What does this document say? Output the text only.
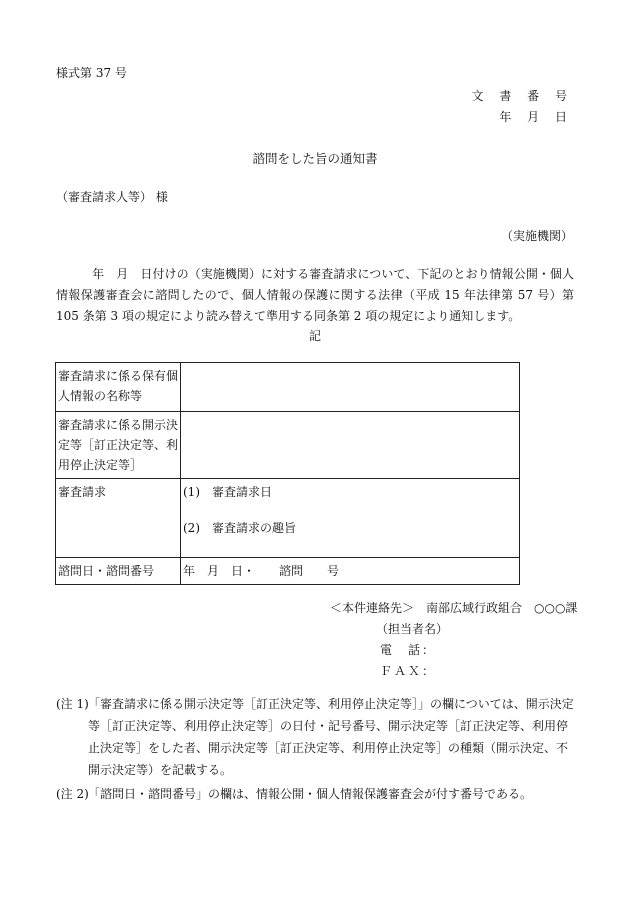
様式第 37 号
文 書 番 号
年 月 日
諮問をした旨の通知書
（審査請求人等） 様
（実施機関）
　　　年　月　日付けの（実施機関）に対する審査請求について、下記のとおり情報公開・個人情報保護審査会に諮問したので、個人情報の保護に関する法律（平成 15 年法律第 57 号）第 105 条第 3 項の規定により読み替えて準用する同条第 2 項の規定により通知します。
記
審査請求に係る保有個人情報の名称等	
審査請求に係る開示決定等［訂正決定等、利用停止決定等］	
審査請求	(1)　審査請求日
(2)　審査請求の趣旨

諮問日・諮問番号	年　月　日・　　諮問　　号
＜本件連絡先＞　南部広域行政組合　○○○課
（担当者名）
電　話：
ＦＡＸ：
(注 1) 「審査請求に係る開示決定等［訂正決定等、利用停止決定等］」の欄については、開示決定等［訂正決定等、利用停止決定等］の日付・記号番号、開示決定等［訂正決定等、利用停止決定等］をした者、開示決定等［訂正決定等、利用停止決定等］の種類（開示決定、不開示決定等）を記載する。
(注 2) 「諮問日・諮問番号」の欄は、情報公開・個人情報保護審査会が付す番号である。
